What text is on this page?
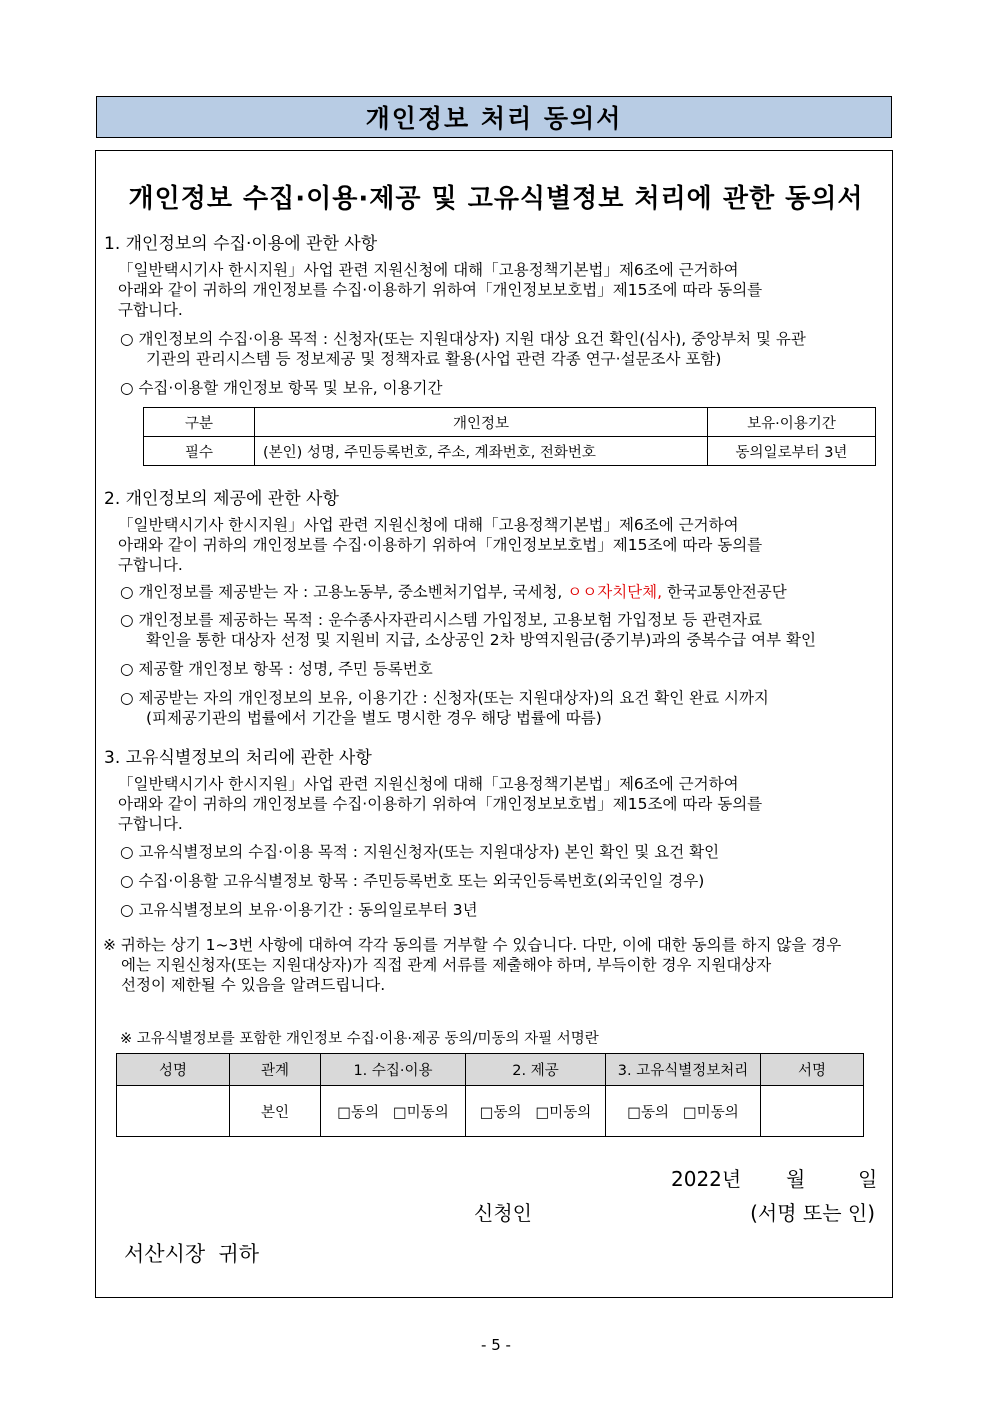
개인정보 처리 동의서
개인정보 수집·이용·제공 및 고유식별정보 처리에 관한 동의서
1. 개인정보의 수집·이용에 관한 사항
「일반택시기사 한시지원」사업 관련 지원신청에 대해「고용정책기본법」제6조에 근거하여
아래와 같이 귀하의 개인정보를 수집·이용하기 위하여「개인정보보호법」제15조에 따라 동의를
구합니다.
○ 개인정보의 수집·이용 목적 : 신청자(또는 지원대상자) 지원 대상 요건 확인(심사), 중앙부처 및 유관
기관의 관리시스템 등 정보제공 및 정책자료 활용(사업 관련 각종 연구·설문조사 포함)
○ 수집·이용할 개인정보 항목 및 보유, 이용기간
구분	개인정보	보유·이용기간
필수	(본인) 성명, 주민등록번호, 주소, 계좌번호, 전화번호	동의일로부터 3년
2. 개인정보의 제공에 관한 사항
「일반택시기사 한시지원」사업 관련 지원신청에 대해「고용정책기본법」제6조에 근거하여
아래와 같이 귀하의 개인정보를 수집·이용하기 위하여「개인정보보호법」제15조에 따라 동의를
구합니다.
○ 개인정보를 제공받는 자 : 고용노동부, 중소벤처기업부, 국세청, ㅇㅇ자치단체, 한국교통안전공단
○ 개인정보를 제공하는 목적 : 운수종사자관리시스템 가입정보, 고용보험 가입정보 등 관련자료
확인을 통한 대상자 선정 및 지원비 지급, 소상공인 2차 방역지원금(중기부)과의 중복수급 여부 확인
○ 제공할 개인정보 항목 : 성명, 주민 등록번호
○ 제공받는 자의 개인정보의 보유, 이용기간 : 신청자(또는 지원대상자)의 요건 확인 완료 시까지
(피제공기관의 법률에서 기간을 별도 명시한 경우 해당 법률에 따름)
3. 고유식별정보의 처리에 관한 사항
「일반택시기사 한시지원」사업 관련 지원신청에 대해「고용정책기본법」제6조에 근거하여
아래와 같이 귀하의 개인정보를 수집·이용하기 위하여「개인정보보호법」제15조에 따라 동의를
구합니다.
○ 고유식별정보의 수집·이용 목적 : 지원신청자(또는 지원대상자) 본인 확인 및 요건 확인
○ 수집·이용할 고유식별정보 항목 : 주민등록번호 또는 외국인등록번호(외국인일 경우)
○ 고유식별정보의 보유·이용기간 : 동의일로부터 3년
※ 귀하는 상기 1~3번 사항에 대하여 각각 동의를 거부할 수 있습니다. 다만, 이에 대한 동의를 하지 않을 경우
에는 지원신청자(또는 지원대상자)가 직접 관계 서류를 제출해야 하며, 부득이한 경우 지원대상자
선정이 제한될 수 있음을 알려드립니다.
※ 고유식별정보를 포함한 개인정보 수집·이용·제공 동의/미동의 자필 서명란
성명	관계	1. 수집·이용	2. 제공	3. 고유식별정보처리	서명
	본인	□동의 □미동의	□동의 □미동의	□동의 □미동의	
2022년 월	일
신청인	(서명 또는 인)
서산시장  귀하
- 5 -
